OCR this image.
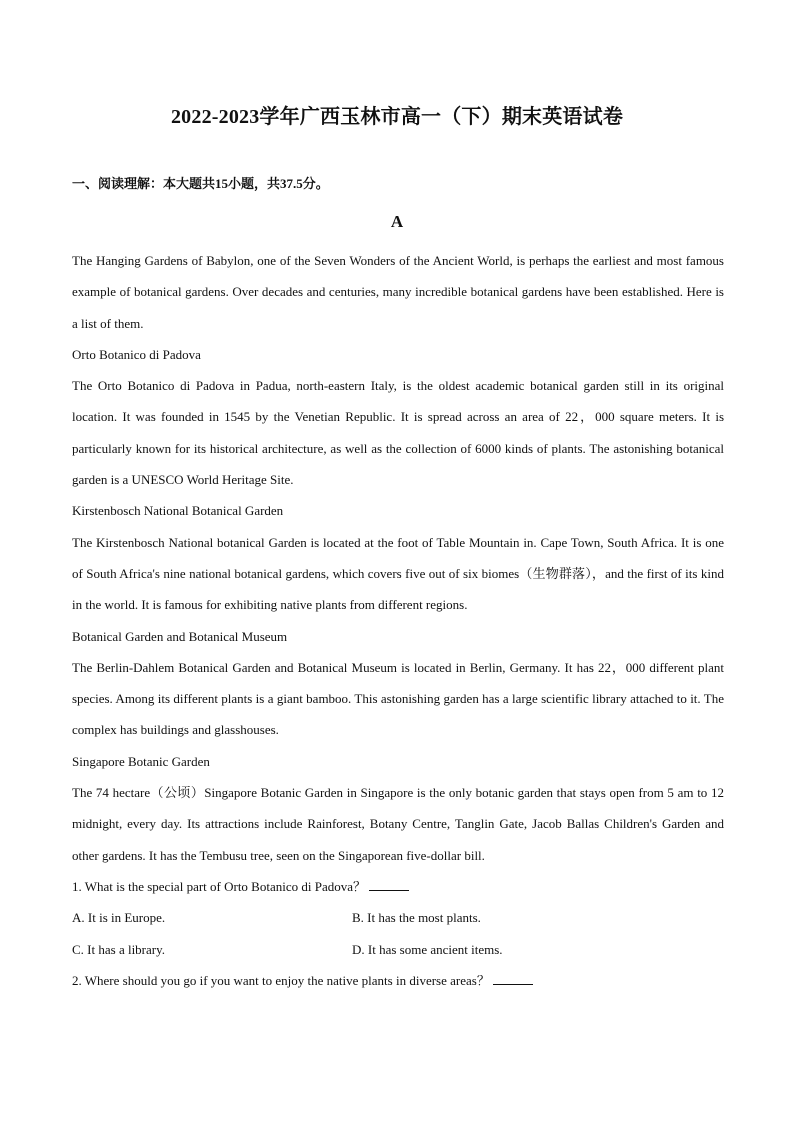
2022-2023学年广西玉林市高一（下）期末英语试卷
一、阅读理解：本大题共15小题，共37.5分。
A

The Hanging Gardens of Babylon, one of the Seven Wonders of the Ancient World, is perhaps the earliest and most famous example of botanical gardens. Over decades and centuries, many incredible botanical gardens have been established. Here is a list of them.

Orto Botanico di Padova

The Orto Botanico di Padova in Padua, north-eastern Italy, is the oldest academic botanical garden still in its original location. It was founded in 1545 by the Venetian Republic. It is spread across an area of 22，000 square meters. It is particularly known for its historical architecture, as well as the collection of 6000 kinds of plants. The astonishing botanical garden is a UNESCO World Heritage Site.

Kirstenbosch National Botanical Garden

The Kirstenbosch National botanical Garden is located at the foot of Table Mountain in. Cape Town, South Africa. It is one of South Africa's nine national botanical gardens, which covers five out of six biomes（生物群落），and the first of its kind in the world. It is famous for exhibiting native plants from different regions.

Botanical Garden and Botanical Museum

The Berlin-Dahlem Botanical Garden and Botanical Museum is located in Berlin, Germany. It has 22，000 different plant species. Among its different plants is a giant bamboo. This astonishing garden has a large scientific library attached to it. The complex has buildings and glasshouses.

Singapore Botanic Garden

The 74 hectare（公顷）Singapore Botanic Garden in Singapore is the only botanic garden that stays open from 5 am to 12 midnight, every day. Its attractions include Rainforest, Botany Centre, Tanglin Gate, Jacob Ballas Children's Garden and other gardens. It has the Tembusu tree, seen on the Singaporean five-dollar bill.

1. What is the special part of Orto Botanico di Padova？

A. It is in Europe.	B. It has the most plants.
C. It has a library.	D. It has some ancient items.

2. Where should you go if you want to enjoy the native plants in diverse areas？
